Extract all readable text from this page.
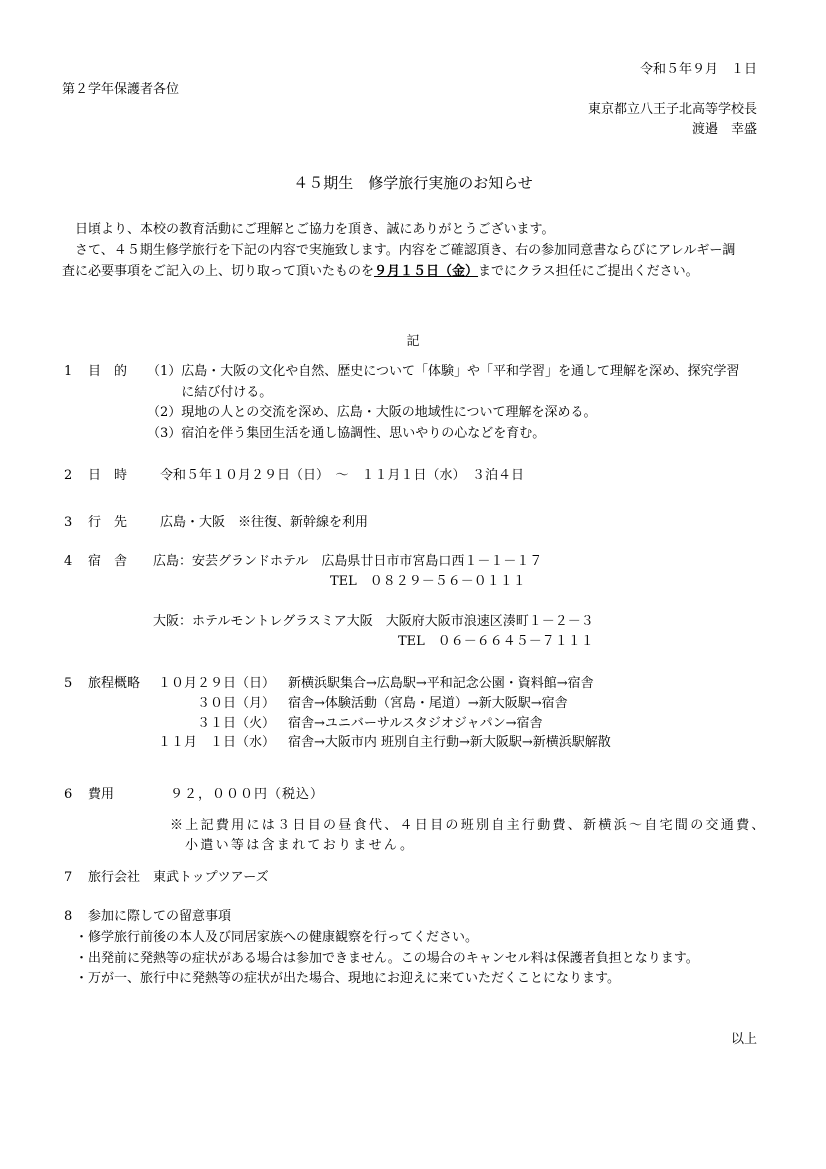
令和５年９月　１日
第２学年保護者各位
東京都立八王子北高等学校長
渡邉　幸盛
４５期生　修学旅行実施のお知らせ
日頃より、本校の教育活動にご理解とご協力を頂き、誠にありがとうございます。
さて、４５期生修学旅行を下記の内容で実施致します。内容をご確認頂き、右の参加同意書ならびにアレルギー調
査に必要事項をご記入の上、切り取って頂いたものを９月１５日（金）までにクラス担任にご提出ください。
記
1 目　的 （1） 広島・大阪の文化や自然、歴史について「体験」や「平和学習」を通して理解を深め、探究学習
に結び付ける。
（2） 現地の人との交流を深め、広島・大阪の地域性について理解を深める。
（3） 宿泊を伴う集団生活を通し協調性、思いやりの心などを育む。
2 日　時	令和５年１０月２９日（日）　～　１１月１日（水）　３泊４日
3 行　先	広島・大阪　※往復、新幹線を利用
4 宿　舎 広島：安芸グランドホテル 広島県廿日市市宮島口西１－１－１７
TEL　０８２９－５６－０１１１
大阪：ホテルモントレグラスミア大阪 大阪府大阪市浪速区湊町１－２－３
TEL　０６－６６４５－７１１１
5 旅程概略 １０月２９日（日） 新横浜駅集合→広島駅→平和記念公園・資料館→宿舎
３０日（月） 宿舎→体験活動（宮島・尾道）→新大阪駅→宿舎
３１日（火） 宿舎→ユニバーサルスタジオジャパン→宿舎
１１月　１日（水） 宿舎→大阪市内 班別自主行動→新大阪駅→新横浜駅解散
6 費用	９２，０００円（税込）
※上記費用には３日目の昼食代、４日目の班別自主行動費、新横浜～自宅間の交通費、
小遣い等は含まれておりません。
7 旅行会社 東武トップツアーズ
8 参加に際しての留意事項
・修学旅行前後の本人及び同居家族への健康観察を行ってください。
・出発前に発熱等の症状がある場合は参加できません。この場合のキャンセル料は保護者負担となります。
・万が一、旅行中に発熱等の症状が出た場合、現地にお迎えに来ていただくことになります。
以上
